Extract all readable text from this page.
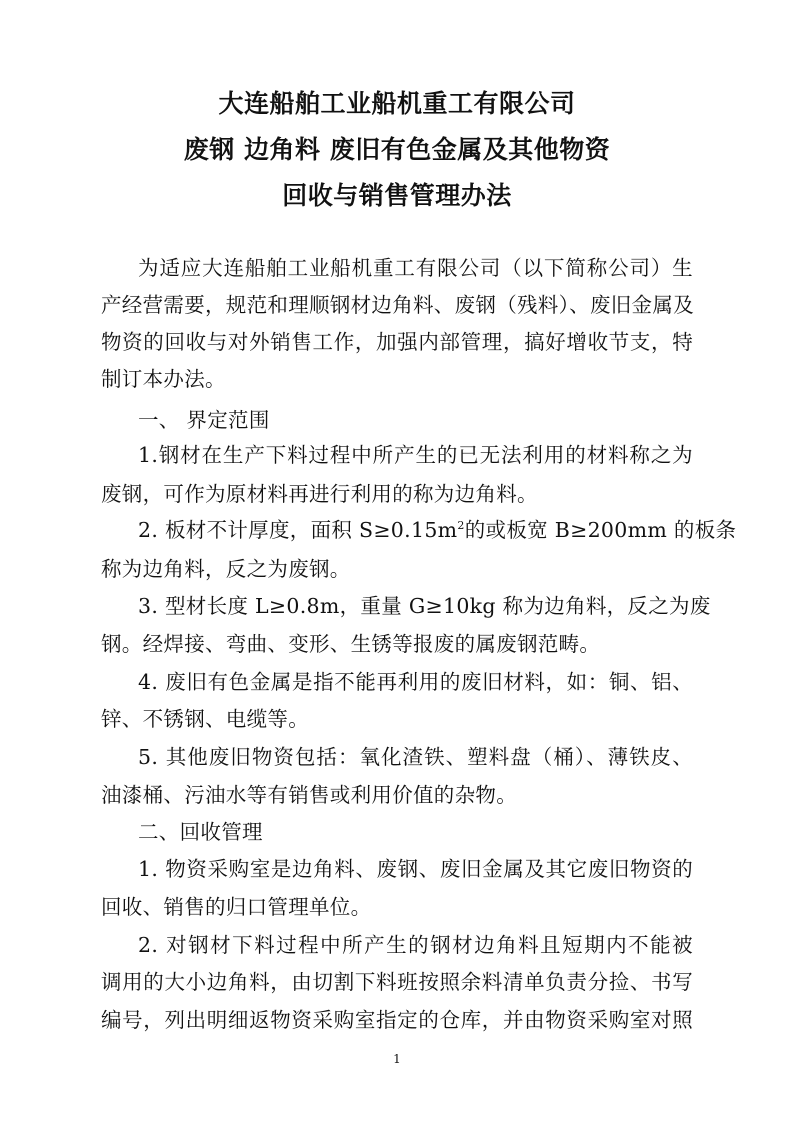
大连船舶工业船机重工有限公司
废钢 边角料 废旧有色金属及其他物资
回收与销售管理办法
为适应大连船舶工业船机重工有限公司（以下简称公司）生
产经营需要，规范和理顺钢材边角料、废钢（残料）、废旧金属及
物资的回收与对外销售工作，加强内部管理，搞好增收节支，特
制订本办法。
一、 界定范围
1.钢材在生产下料过程中所产生的已无法利用的材料称之为
废钢，可作为原材料再进行利用的称为边角料。
2. 板材不计厚度，面积 $S\ge 0.15m^2$的或板宽 B≥200mm 的板条
称为边角料，反之为废钢。
3. 型材长度 L≥0.8m，重量 G≥10kg 称为边角料，反之为废
钢。经焊接、弯曲、变形、生锈等报废的属废钢范畴。
4. 废旧有色金属是指不能再利用的废旧材料，如：铜、铝、
锌、不锈钢、电缆等。
5. 其他废旧物资包括：氧化渣铁、塑料盘（桶）、薄铁皮、
油漆桶、污油水等有销售或利用价值的杂物。
二、回收管理
1. 物资采购室是边角料、废钢、废旧金属及其它废旧物资的
回收、销售的归口管理单位。
2. 对钢材下料过程中所产生的钢材边角料且短期内不能被
调用的大小边角料，由切割下料班按照余料清单负责分捡、书写
编号，列出明细返物资采购室指定的仓库，并由物资采购室对照
1
